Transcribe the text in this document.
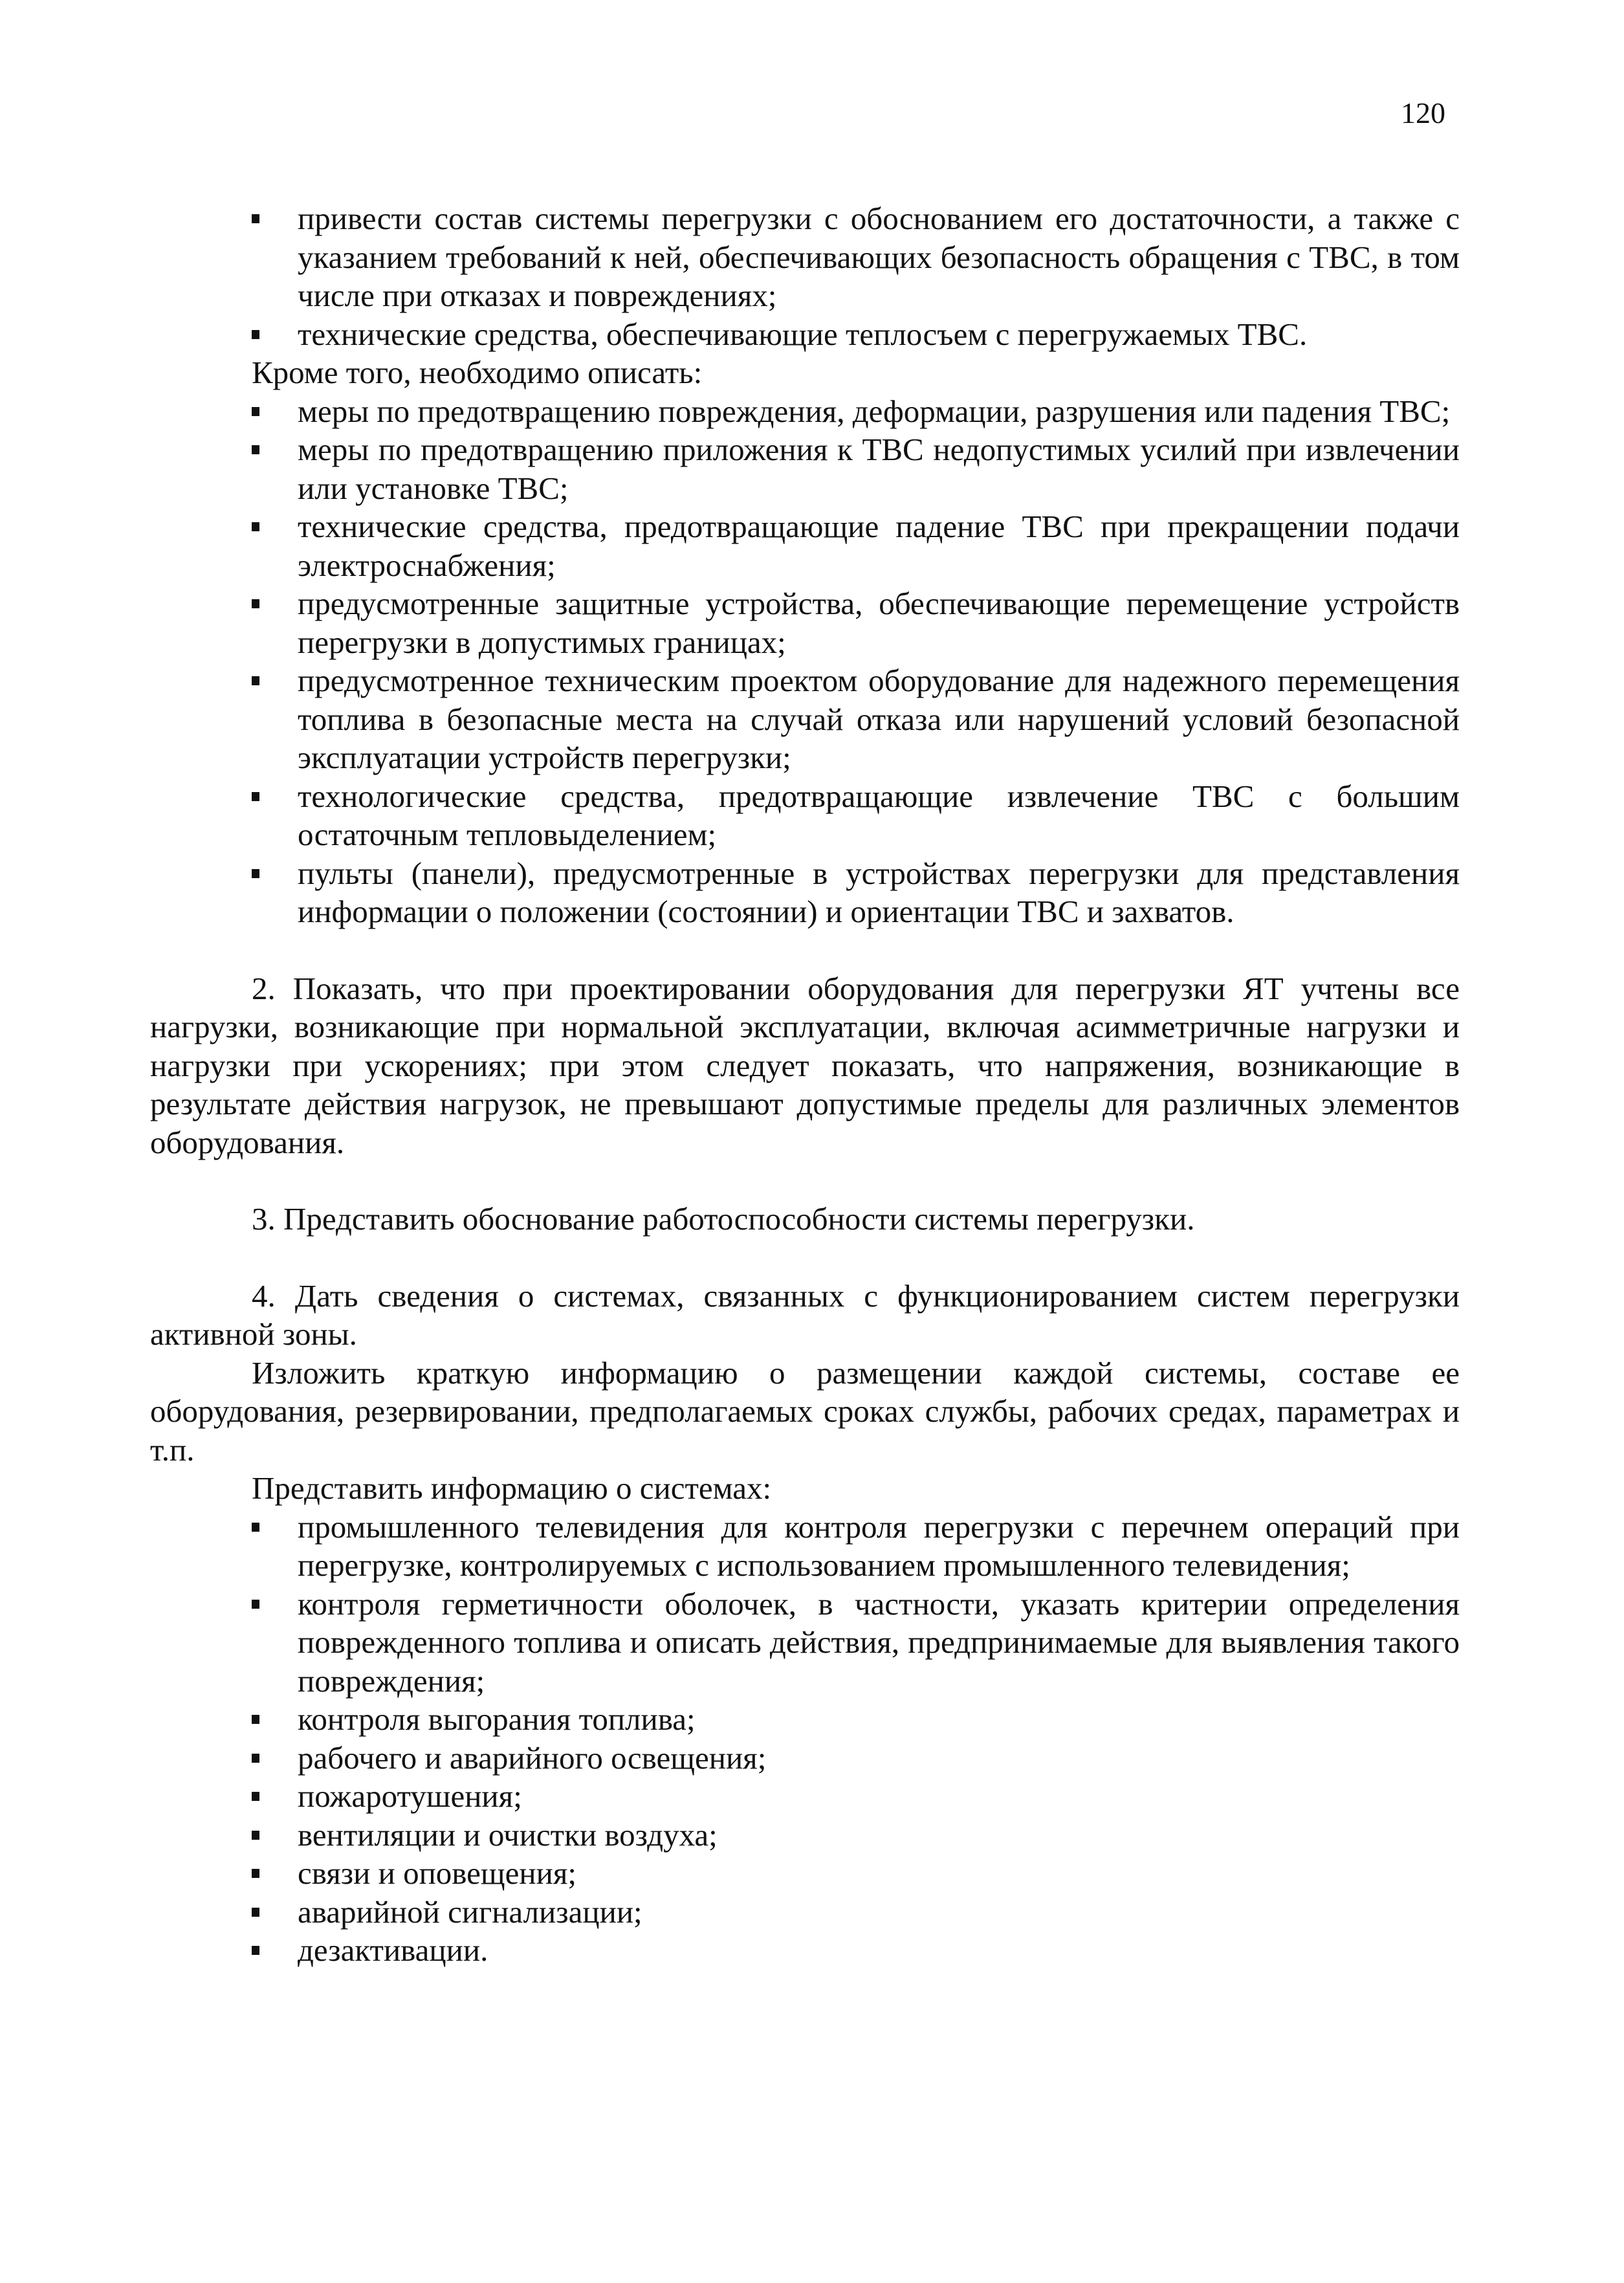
120
привести состав системы перегрузки с обоснованием его достаточности, а также с указанием требований к ней, обеспечивающих безопасность обращения с ТВС, в том числе при отказах и повреждениях;
технические средства, обеспечивающие теплосъем с перегружаемых ТВС.

Кроме того, необходимо описать:

меры по предотвращению повреждения, деформации, разрушения или падения ТВС;
меры по предотвращению приложения к ТВС недопустимых усилий при извлечении или установке ТВС;
технические средства, предотвращающие падение ТВС при прекращении подачи электроснабжения;
предусмотренные защитные устройства, обеспечивающие перемещение устройств перегрузки в допустимых границах;
предусмотренное техническим проектом оборудование для надежного перемещения топлива в безопасные места на случай отказа или нарушений условий безопасной эксплуатации устройств перегрузки;
технологические средства, предотвращающие извлечение ТВС с большим остаточным тепловыделением;
пульты (панели), предусмотренные в устройствах перегрузки для представления информации о положении (состоянии) и ориентации ТВС и захватов.

2. Показать, что при проектировании оборудования для перегрузки ЯТ учтены все нагрузки, возникающие при нормальной эксплуатации, включая асимметричные нагрузки и нагрузки при ускорениях; при этом следует показать, что напряжения, возникающие в результате действия нагрузок, не превышают допустимые пределы для различных элементов оборудования.

3. Представить обоснование работоспособности системы перегрузки.

4. Дать сведения о системах, связанных с функционированием систем перегрузки активной зоны.

Изложить краткую информацию о размещении каждой системы, составе ее оборудования, резервировании, предполагаемых сроках службы, рабочих средах, параметрах и т.п.

Представить информацию о системах:

промышленного телевидения для контроля перегрузки с перечнем операций при перегрузке, контролируемых с использованием промышленного телевидения;
контроля герметичности оболочек, в частности, указать критерии определения поврежденного топлива и описать действия, предпринимаемые для выявления такого повреждения;
контроля выгорания топлива;
рабочего и аварийного освещения;
пожаротушения;
вентиляции и очистки воздуха;
связи и оповещения;
аварийной сигнализации;
дезактивации.
